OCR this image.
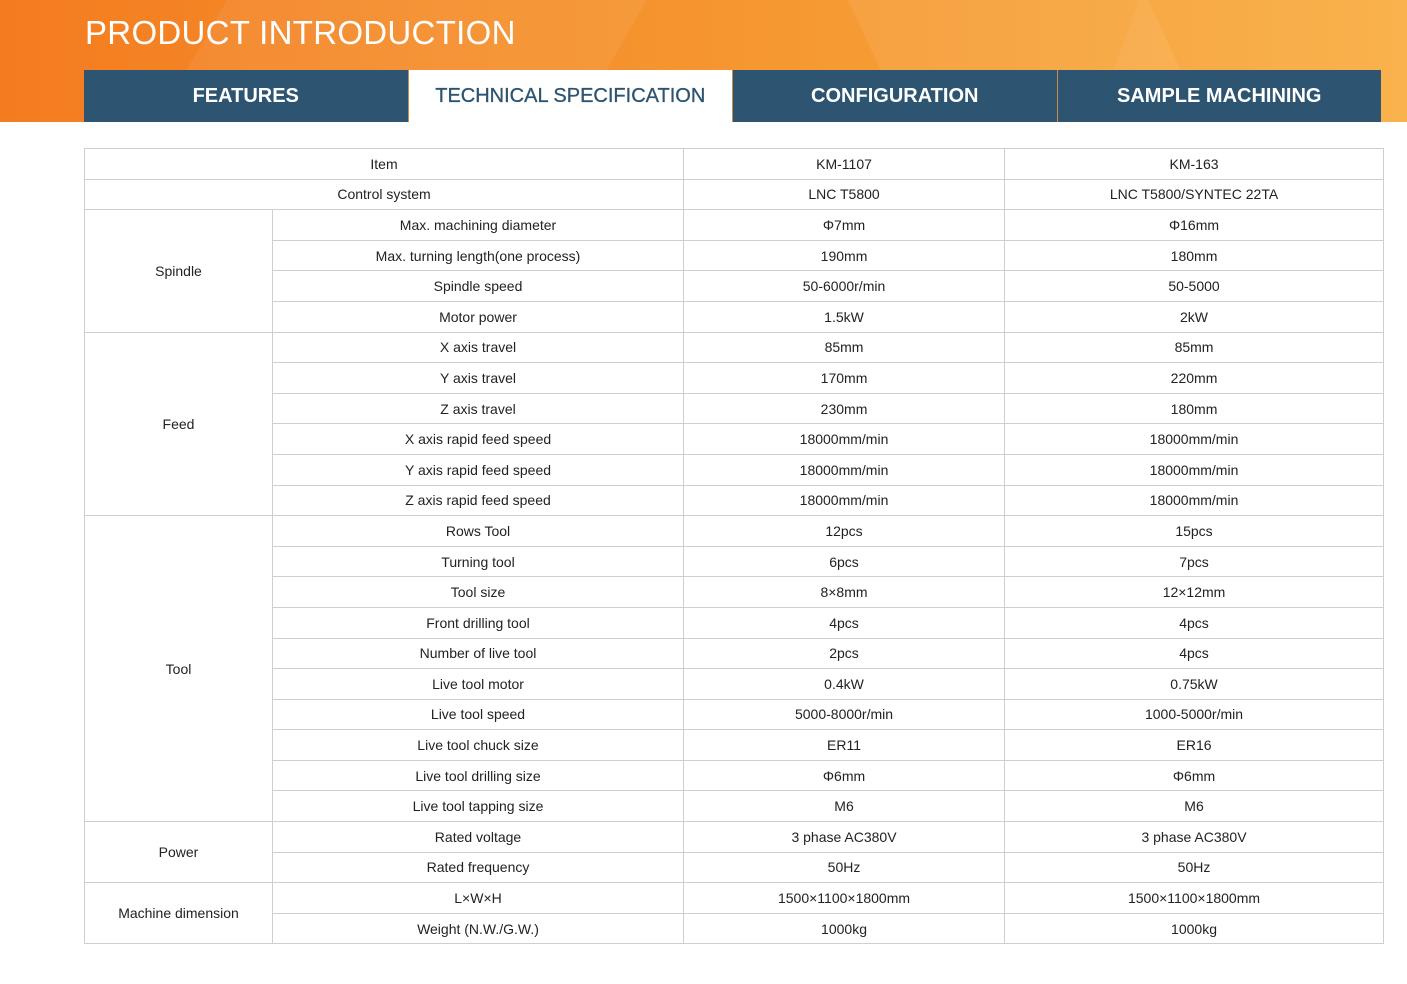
PRODUCT INTRODUCTION
FEATURES	TECHNICAL SPECIFICATION	CONFIGURATION	SAMPLE MACHINING
Item		KM-1107	KM-163
Control system		LNC T5800	LNC T5800/SYNTEC 22TA
Spindle	Max. machining diameter	Φ7mm	Φ16mm
	Max. turning length(one process)	190mm	180mm
	Spindle speed	50-6000r/min	50-5000
	Motor power	1.5kW	2kW
Feed	X axis travel	85mm	85mm
	Y axis travel	170mm	220mm
	Z axis travel	230mm	180mm
	X axis rapid feed speed	18000mm/min	18000mm/min
	Y axis rapid feed speed	18000mm/min	18000mm/min
	Z axis rapid feed speed	18000mm/min	18000mm/min
Tool	Rows Tool	12pcs	15pcs
	Turning tool	6pcs	7pcs
	Tool size	8×8mm	12×12mm
	Front drilling tool	4pcs	4pcs
	Number of live tool	2pcs	4pcs
	Live tool motor	0.4kW	0.75kW
	Live tool speed	5000-8000r/min	1000-5000r/min
	Live tool chuck size	ER11	ER16
	Live tool drilling size	Φ6mm	Φ6mm
	Live tool tapping size	M6	M6
Power	Rated voltage	3 phase AC380V	3 phase AC380V
	Rated frequency	50Hz	50Hz
Machine dimension	L×W×H	1500×1100×1800mm	1500×1100×1800mm
	Weight (N.W./G.W.)	1000kg	1000kg
